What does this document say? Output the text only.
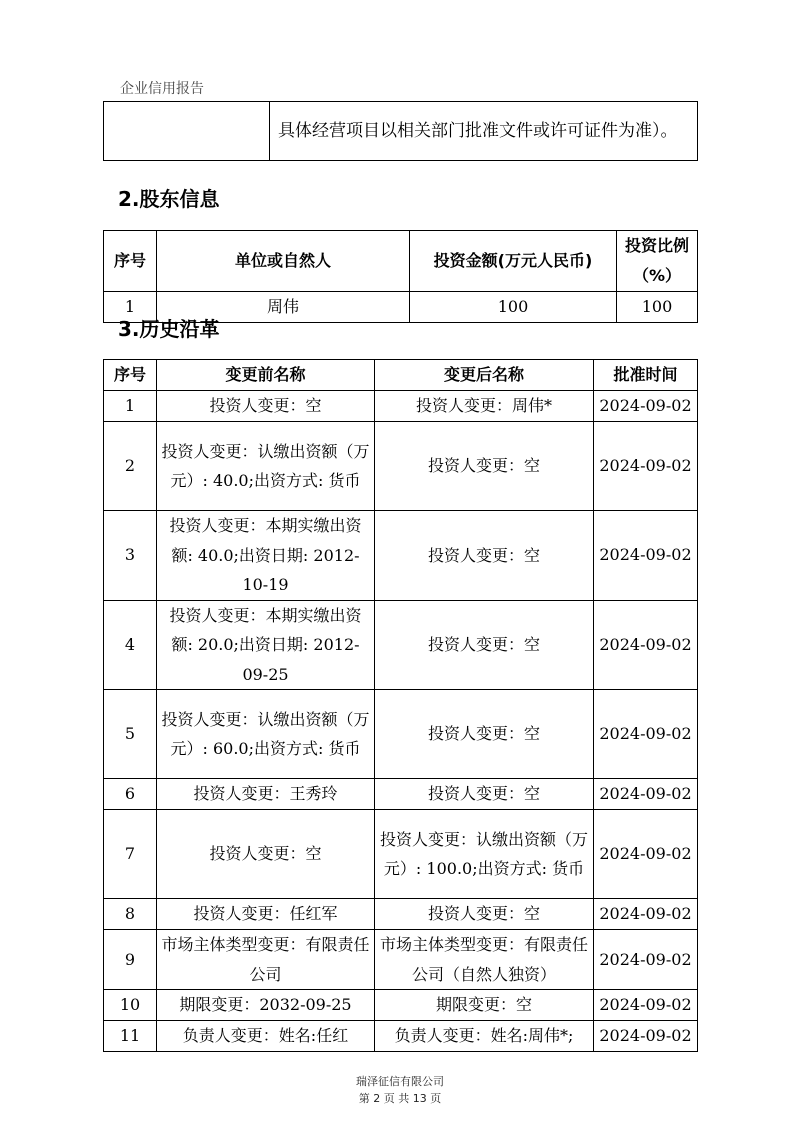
企业信用报告
	具体经营项目以相关部门批准文件或许可证件为准）。
2.股东信息
序号	单位或自然人	投资金额(万元人民币)	投资比例（%）
1	周伟	100	100
3.历史沿革
序号	变更前名称	变更后名称	批准时间
1	投资人变更：空	投资人变更：周伟*	2024-09-02
2	投资人变更：认缴出资额（万元）: 40.0;出资方式: 货币	投资人变更：空	2024-09-02
3	投资人变更：本期实缴出资额: 40.0;出资日期: 2012-10-19	投资人变更：空	2024-09-02
4	投资人变更：本期实缴出资额: 20.0;出资日期: 2012-09-25	投资人变更：空	2024-09-02
5	投资人变更：认缴出资额（万元）: 60.0;出资方式: 货币	投资人变更：空	2024-09-02
6	投资人变更：王秀玲	投资人变更：空	2024-09-02
7	投资人变更：空	投资人变更：认缴出资额（万元）: 100.0;出资方式: 货币	2024-09-02
8	投资人变更：任红军	投资人变更：空	2024-09-02
9	市场主体类型变更：有限责任公司	市场主体类型变更：有限责任公司（自然人独资）	2024-09-02
10	期限变更：2032-09-25	期限变更：空	2024-09-02
11	负责人变更：姓名:任红	负责人变更：姓名:周伟*;	2024-09-02
瑞泽征信有限公司
第 2 页 共 13 页
